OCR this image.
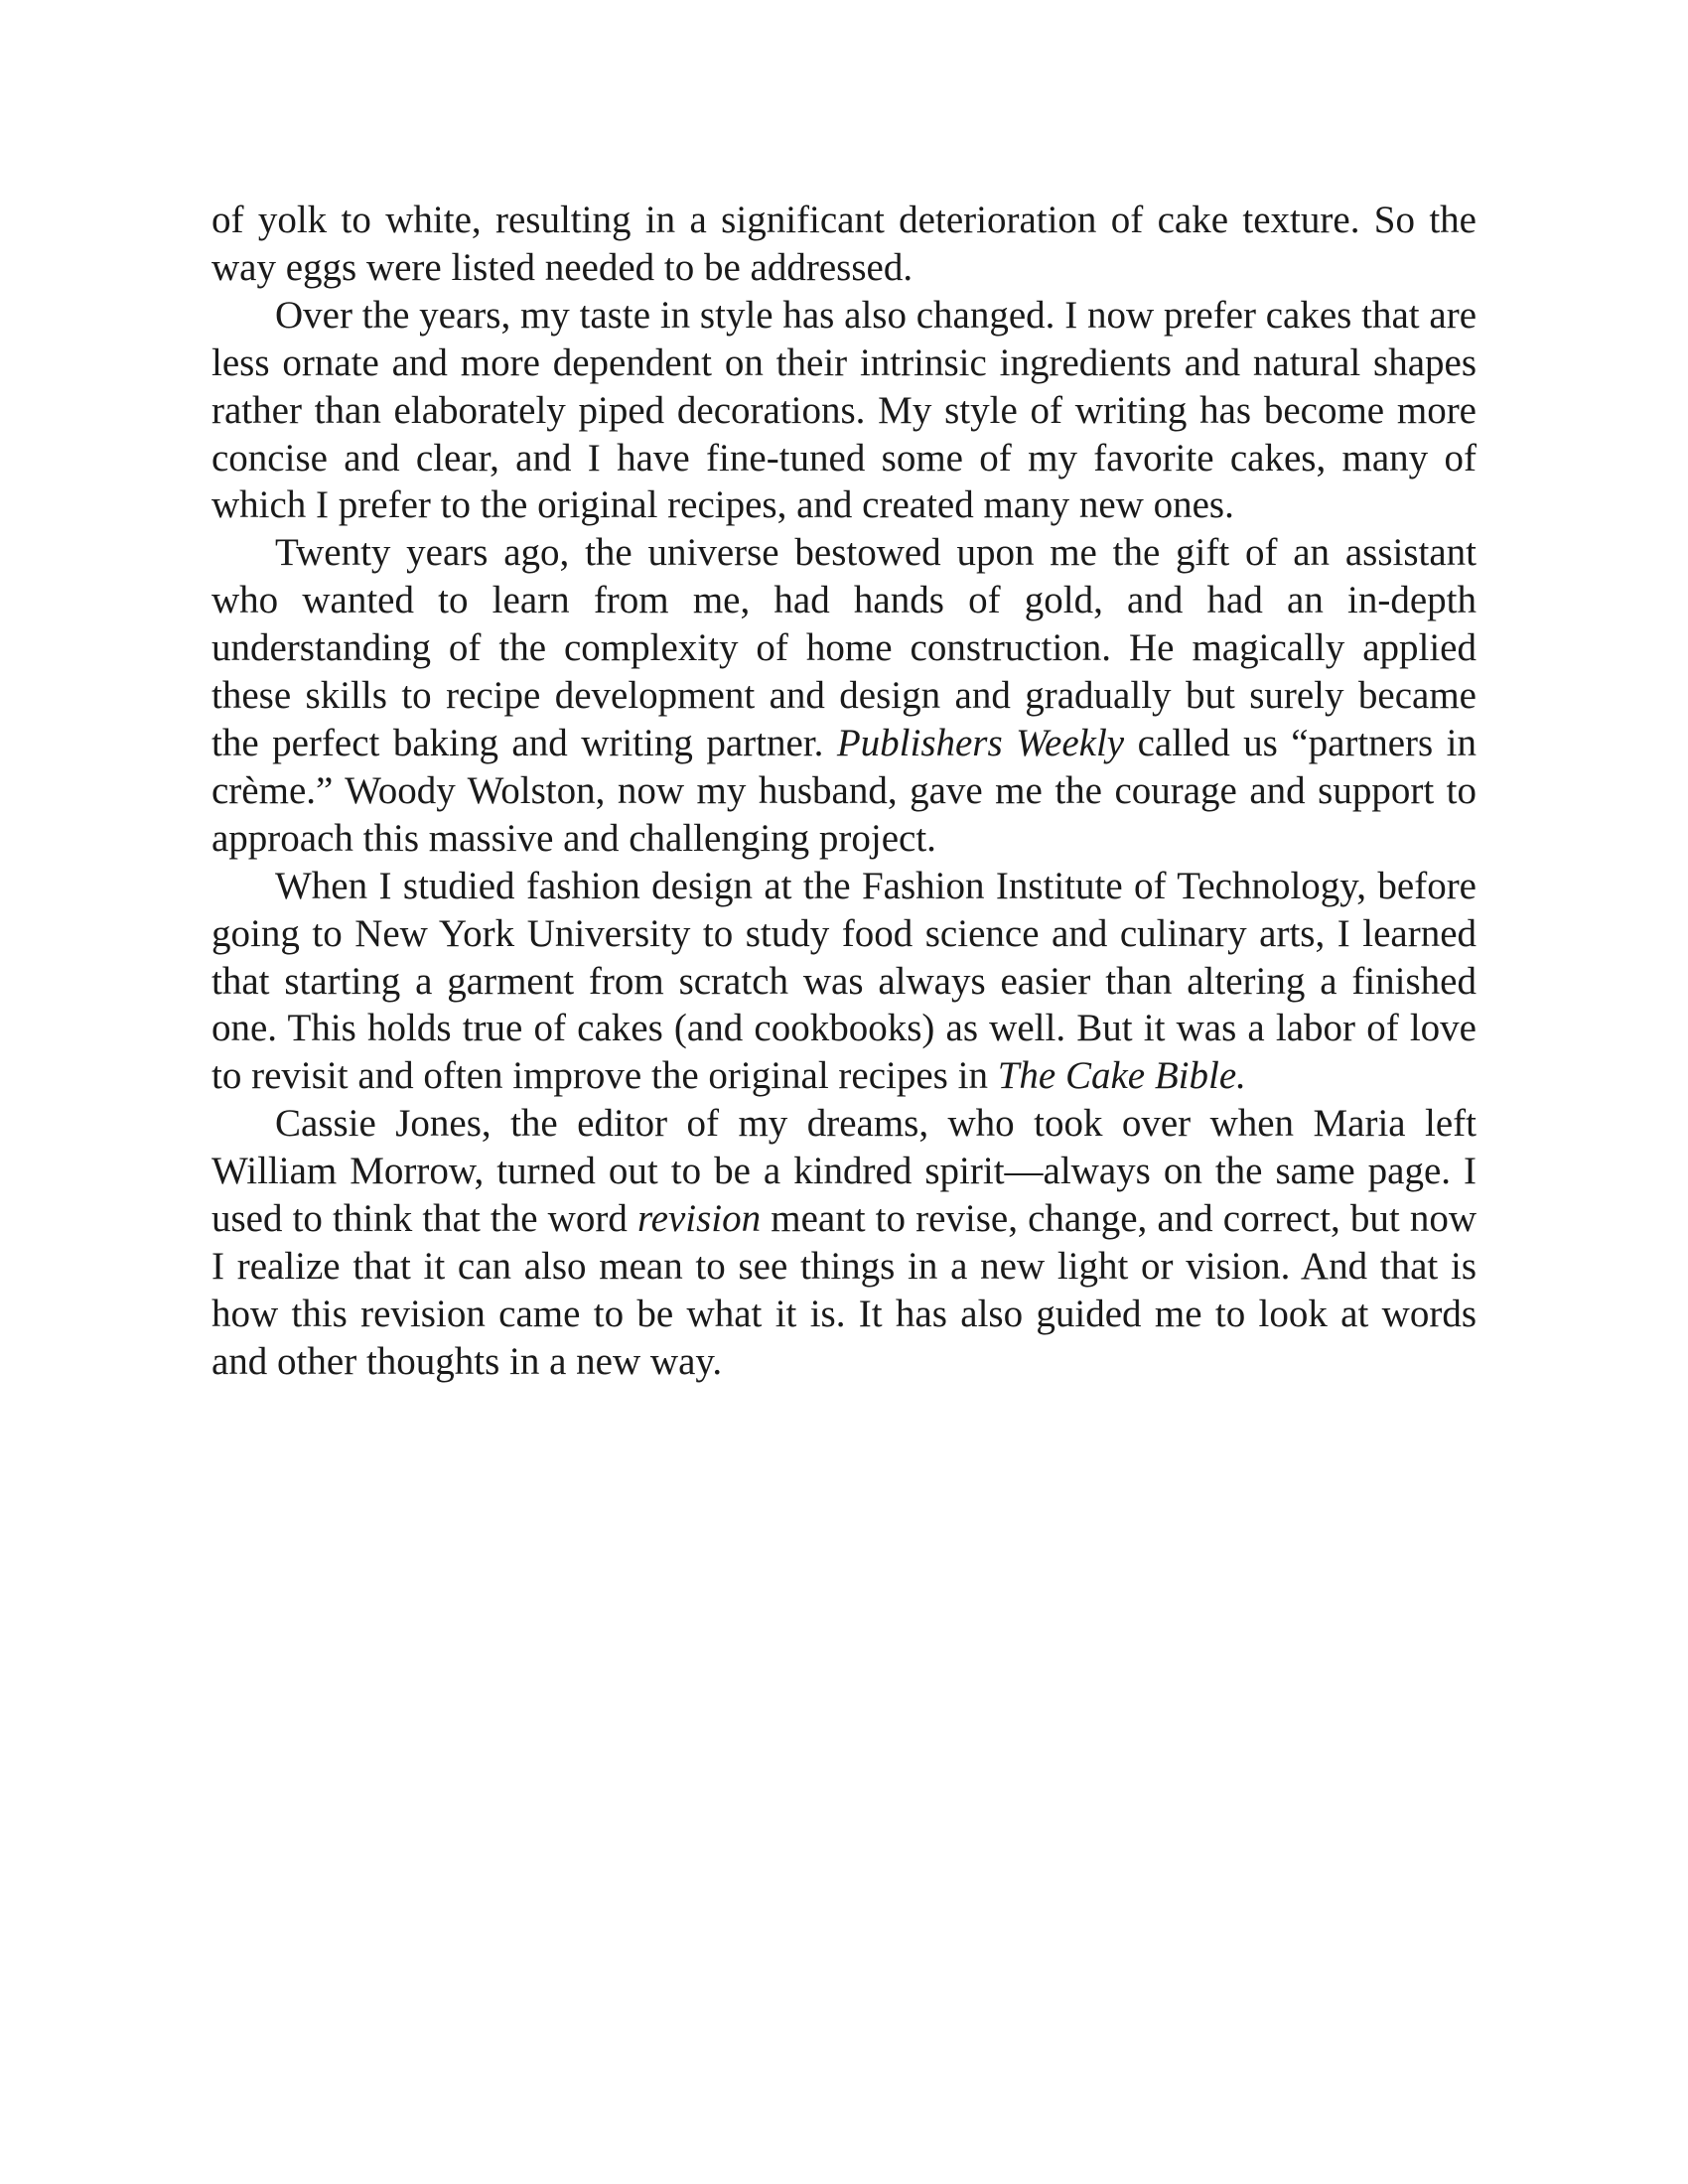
of yolk to white, resulting in a significant deterioration of cake texture. So the way eggs were listed needed to be addressed.

Over the years, my taste in style has also changed. I now prefer cakes that are less ornate and more dependent on their intrinsic ingredients and natural shapes rather than elaborately piped decorations. My style of writing has become more concise and clear, and I have fine-tuned some of my favorite cakes, many of which I prefer to the original recipes, and created many new ones.

Twenty years ago, the universe bestowed upon me the gift of an assistant who wanted to learn from me, had hands of gold, and had an in-depth understanding of the complexity of home construction. He magically applied these skills to recipe development and design and gradually but surely became the perfect baking and writing partner. Publishers Weekly called us “partners in crème.” Woody Wolston, now my husband, gave me the courage and support to approach this massive and challenging project.

When I studied fashion design at the Fashion Institute of Technology, before going to New York University to study food science and culinary arts, I learned that starting a garment from scratch was always easier than altering a finished one. This holds true of cakes (and cookbooks) as well. But it was a labor of love to revisit and often improve the original recipes in The Cake Bible.

Cassie Jones, the editor of my dreams, who took over when Maria left William Morrow, turned out to be a kindred spirit—always on the same page. I used to think that the word revision meant to revise, change, and correct, but now I realize that it can also mean to see things in a new light or vision. And that is how this revision came to be what it is. It has also guided me to look at words and other thoughts in a new way.
